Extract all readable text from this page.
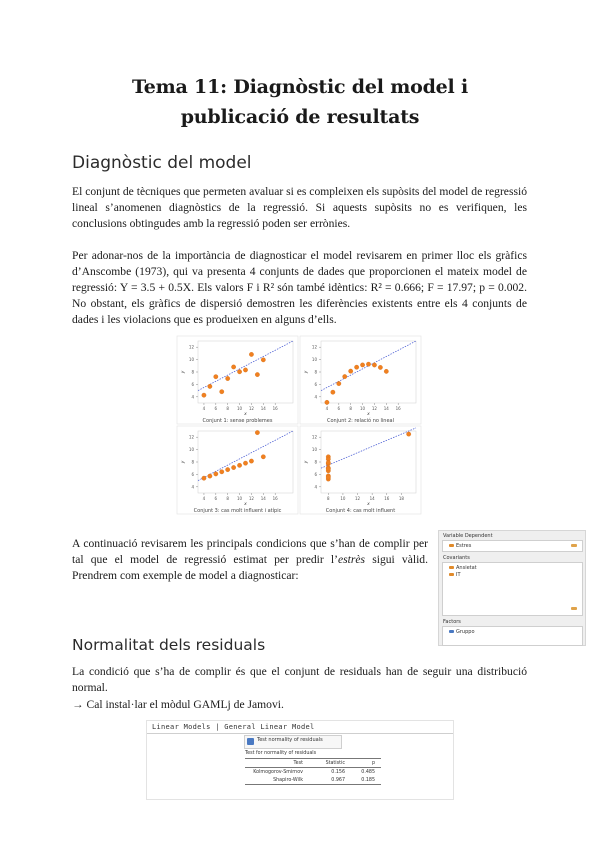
Tema 11: Diagnòstic del model i publicació de resultats
Diagnòstic del model
El conjunt de tècniques que permeten avaluar si es compleixen els supòsits del model de regressió lineal s’anomenen diagnòstics de la regressió. Si aquests supòsits no es verifiquen, les conclusions obtingudes amb la regressió poden ser errònies.
Per adonar-nos de la importància de diagnosticar el model revisarem en primer lloc els gràfics d’Anscombe (1973), qui va presenta 4 conjunts de dades que proporcionen el mateix model de regressió: Y = 3.5 + 0.5X. Els valors F i R² són també idèntics: R² = 0.666; F = 17.97; p = 0.002. No obstant, els gràfics de dispersió demostren les diferències existents entre els 4 conjunts de dades i les violacions que es produeixen en alguns d’ells.
4
6
8
10
12
4 6 8 10 12 14 16
x
y
Conjunt 1: sense problemes
4
6
8
10
12
4 6 8 10 12 14 16
x
y
Conjunt 2: relació no lineal
4
6
8
10
12
4 6 8 10 12 14 16
x
y
Conjunt 3: cas molt influent i atípic
4
6
8
10
12
8	10 12 14 16 18
x
y
Conjunt 4: cas molt influent
A continuació revisarem les principals condicions que s’han de complir per tal que el model de regressió estimat per predir l’estrès sigui vàlid. Prendrem com exemple de model a diagnosticar:
Variable Dependent
Estres
Covariants
Ansietat
IT
Factors
Gruppo
Normalitat dels residuals
La condició que s’ha de complir és que el conjunt de residuals han de seguir una distribució normal.
→ Cal instal·lar el mòdul GAMLj de Jamovi.
Linear Models | General Linear Model
Test normality of residuals
Test for normality of residuals
Test	Statistic	p
Kolmogorov-Smirnov	0.156	0.485
Shapiro-Wilk	0.967	0.185
